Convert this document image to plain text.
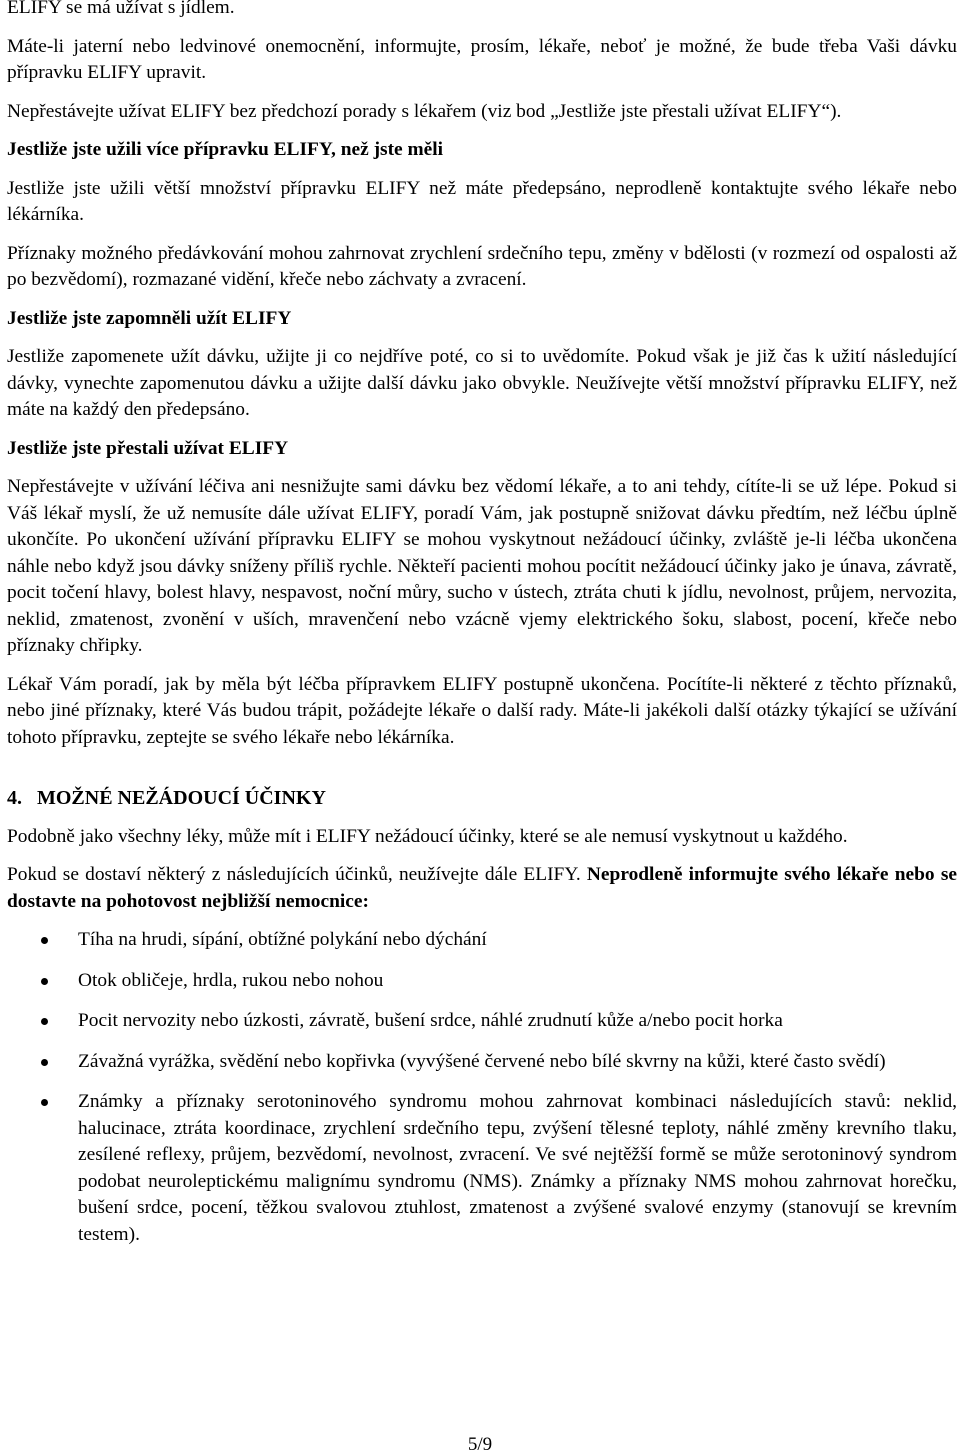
ELIFY se má užívat s jídlem.

Máte-li jaterní nebo ledvinové onemocnění, informujte, prosím, lékaře, neboť je možné, že bude třeba Vaši dávku přípravku ELIFY upravit.

Nepřestávejte užívat ELIFY bez předchozí porady s lékařem (viz bod „Jestliže jste přestali užívat ELIFY“).

Jestliže jste užili více přípravku ELIFY, než jste měli

Jestliže jste užili větší množství přípravku ELIFY než máte předepsáno, neprodleně kontaktujte svého lékaře nebo lékárníka.

Příznaky možného předávkování mohou zahrnovat zrychlení srdečního tepu, změny v bdělosti (v rozmezí od ospalosti až po bezvědomí), rozmazané vidění, křeče nebo záchvaty a zvracení.

Jestliže jste zapomněli užít ELIFY

Jestliže zapomenete užít dávku, užijte ji co nejdříve poté, co si to uvědomíte. Pokud však je již čas k užití následující dávky, vynechte zapomenutou dávku a užijte další dávku jako obvykle. Neužívejte větší množství přípravku ELIFY, než máte na každý den předepsáno.

Jestliže jste přestali užívat ELIFY

Nepřestávejte v užívání léčiva ani nesnižujte sami dávku bez vědomí lékaře, a to ani tehdy, cítíte-li se už lépe. Pokud si Váš lékař myslí, že už nemusíte dále užívat ELIFY, poradí Vám, jak postupně snižovat dávku předtím, než léčbu úplně ukončíte. Po ukončení užívání přípravku ELIFY se mohou vyskytnout nežádoucí účinky, zvláště je-li léčba ukončena náhle nebo když jsou dávky sníženy příliš rychle. Někteří pacienti mohou pocítit nežádoucí účinky jako je únava, závratě, pocit točení hlavy, bolest hlavy, nespavost, noční můry, sucho v ústech, ztráta chuti k jídlu, nevolnost, průjem, nervozita, neklid, zmatenost, zvonění v uších, mravenčení nebo vzácně vjemy elektrického šoku, slabost, pocení, křeče nebo příznaky chřipky.

Lékař Vám poradí, jak by měla být léčba přípravkem ELIFY postupně ukončena. Pocítíte-li některé z těchto příznaků, nebo jiné příznaky, které Vás budou trápit, požádejte lékaře o další rady. Máte-li jakékoli další otázky týkající se užívání tohoto přípravku, zeptejte se svého lékaře nebo lékárníka.

4. MOŽNÉ NEŽÁDOUCÍ ÚČINKY

Podobně jako všechny léky, může mít i ELIFY nežádoucí účinky, které se ale nemusí vyskytnout u každého.

Pokud se dostaví některý z následujících účinků, neužívejte dále ELIFY. Neprodleně informujte svého lékaře nebo se dostavte na pohotovost nejbližší nemocnice:

Tíha na hrudi, sípání, obtížné polykání nebo dýchání
Otok obličeje, hrdla, rukou nebo nohou
Pocit nervozity nebo úzkosti, závratě, bušení srdce, náhlé zrudnutí kůže a/nebo pocit horka
Závažná vyrážka, svědění nebo kopřivka (vyvýšené červené nebo bílé skvrny na kůži, které často svědí)
Známky a příznaky serotoninového syndromu mohou zahrnovat kombinaci následujících stavů: neklid, halucinace, ztráta koordinace, zrychlení srdečního tepu, zvýšení tělesné teploty, náhlé změny krevního tlaku, zesílené reflexy, průjem, bezvědomí, nevolnost, zvracení. Ve své nejtěžší formě se může serotoninový syndrom podobat neuroleptickému malignímu syndromu (NMS). Známky a příznaky NMS mohou zahrnovat horečku, bušení srdce, pocení, těžkou svalovou ztuhlost, zmatenost a zvýšené svalové enzymy (stanovují se krevním testem).
5/9
